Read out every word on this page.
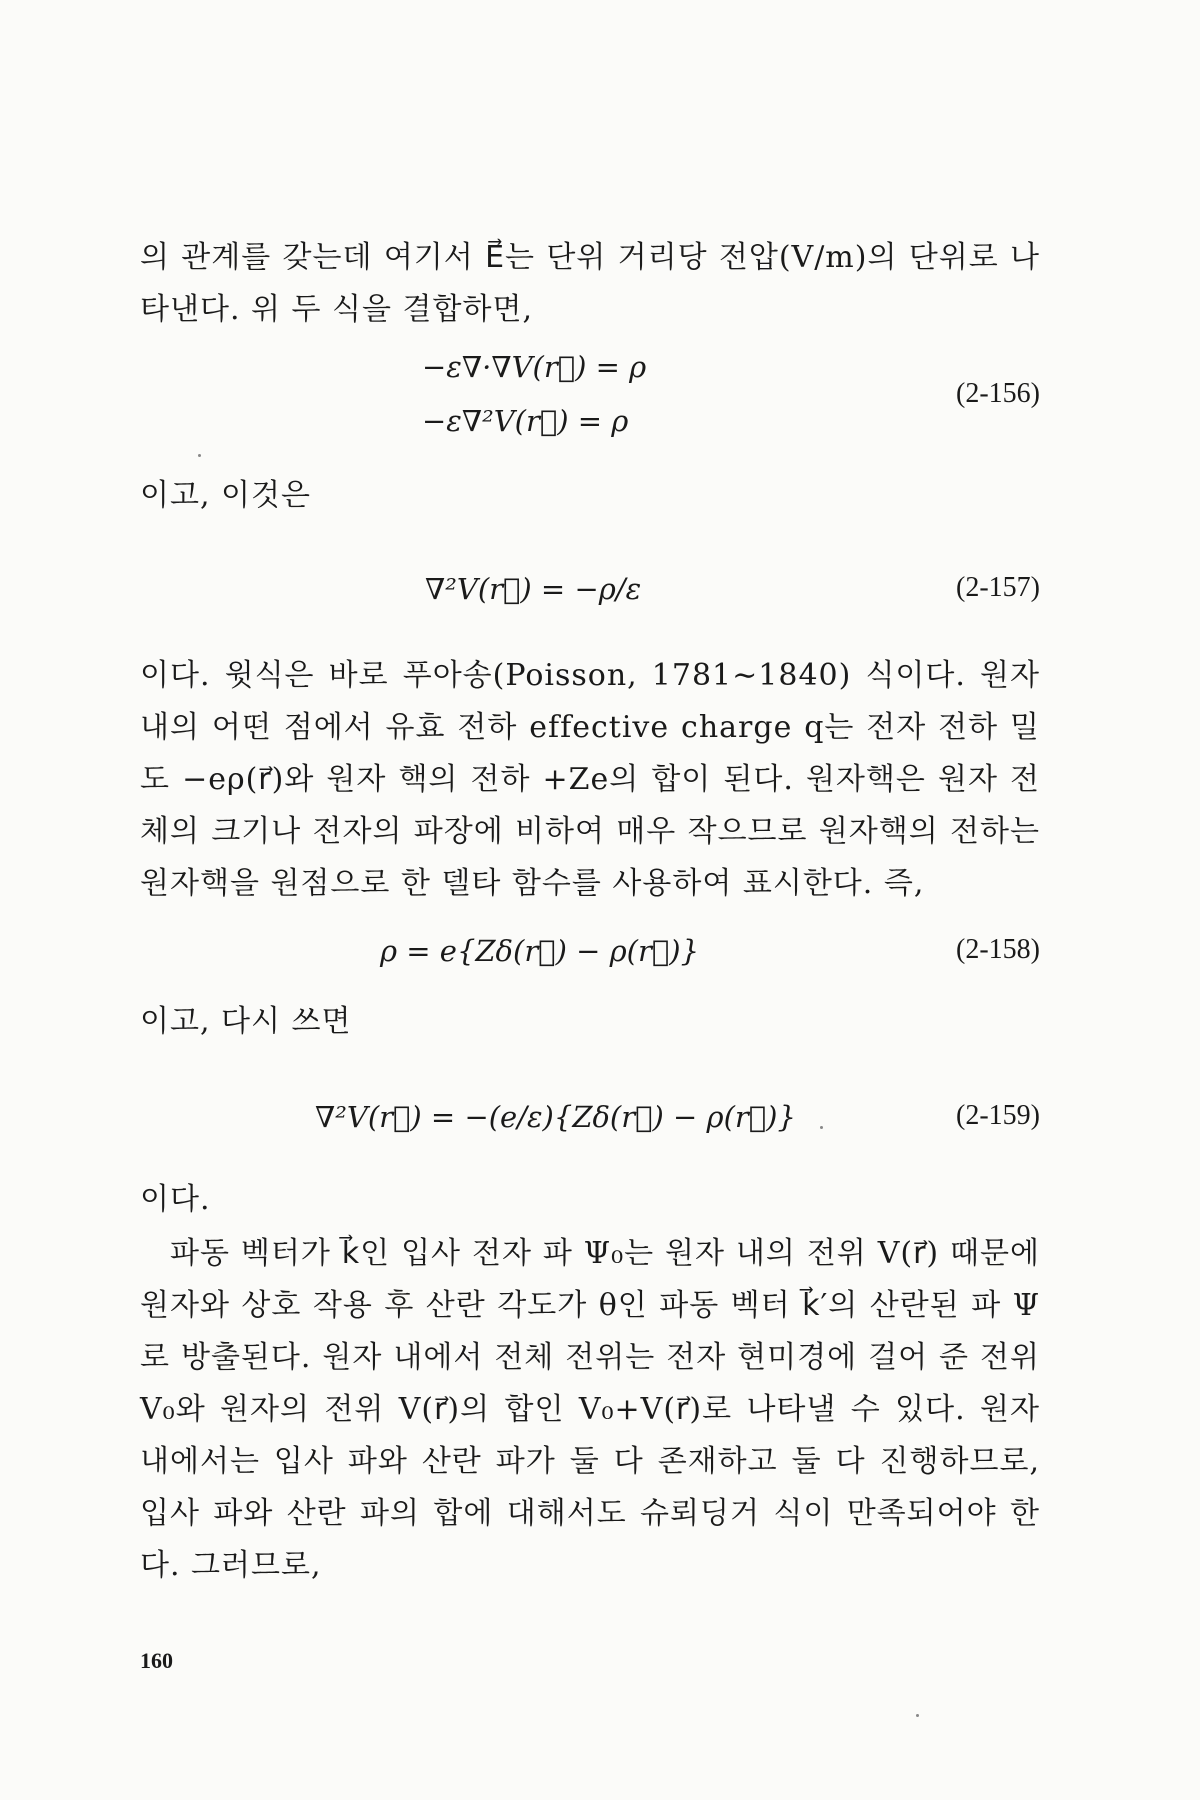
의 관계를 갖는데 여기서 E⃗는 단위 거리당 전압(V/m)의 단위로 나타낸다. 위 두 식을 결합하면,

−ε∇·∇V(r⃗) = ρ
−ε∇²V(r⃗) = ρ
(2-156)

이고, 이것은

∇²V(r⃗) = −ρ/ε	(2-157)

이다. 윗식은 바로 푸아송(Poisson, 1781∼1840) 식이다. 원자 내의 어떤 점에서 유효 전하 effective charge q는 전자 전하 밀도 −eρ(r⃗)와 원자 핵의 전하 +Ze의 합이 된다. 원자핵은 원자 전체의 크기나 전자의 파장에 비하여 매우 작으므로 원자핵의 전하는 원자핵을 원점으로 한 델타 함수를 사용하여 표시한다. 즉,

ρ = e{Zδ(r⃗) − ρ(r⃗)}	(2-158)

이고, 다시 쓰면

∇²V(r⃗) = −(e/ε){Zδ(r⃗) − ρ(r⃗)}	(2-159)

이다.

파동 벡터가 k⃗인 입사 전자 파 Ψ₀는 원자 내의 전위 V(r⃗) 때문에 원자와 상호 작용 후 산란 각도가 θ인 파동 벡터 k⃗′의 산란된 파 Ψ로 방출된다. 원자 내에서 전체 전위는 전자 현미경에 걸어 준 전위 V₀와 원자의 전위 V(r⃗)의 합인 V₀+V(r⃗)로 나타낼 수 있다. 원자 내에서는 입사 파와 산란 파가 둘 다 존재하고 둘 다 진행하므로, 입사 파와 산란 파의 합에 대해서도 슈뢰딩거 식이 만족되어야 한다. 그러므로,

160
